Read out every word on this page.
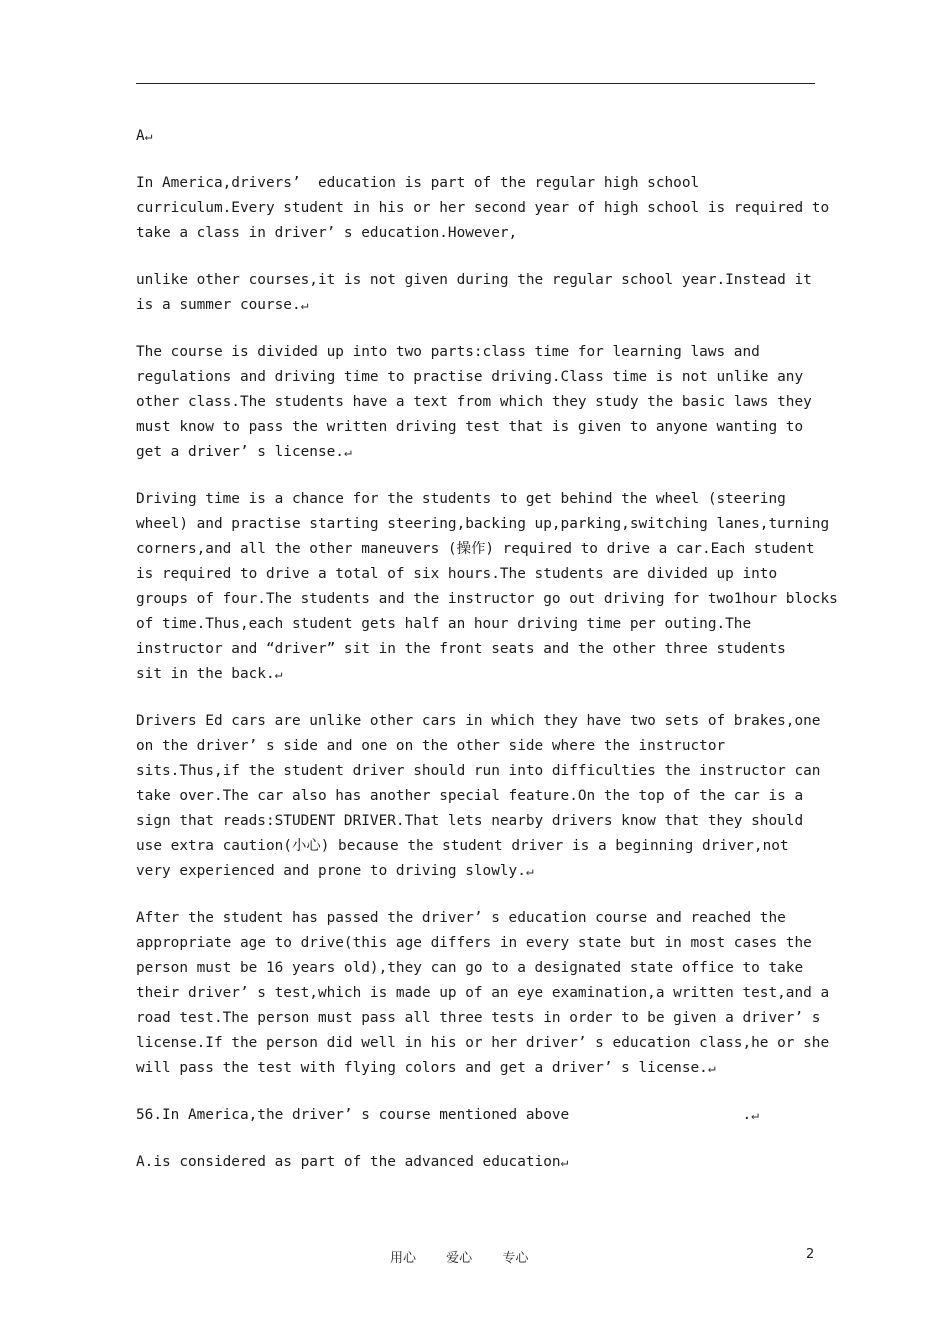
A↵

In America,drivers’  education is part of the regular high school
curriculum.Every student in his or her second year of high school is required to
take a class in driver’ s education.However,

unlike other courses,it is not given during the regular school year.Instead it
is a summer course.↵

The course is divided up into two parts:class time for learning laws and
regulations and driving time to practise driving.Class time is not unlike any
other class.The students have a text from which they study the basic laws they
must know to pass the written driving test that is given to anyone wanting to
get a driver’ s license.↵

Driving time is a chance for the students to get behind the wheel (steering
wheel) and practise starting steering,backing up,parking,switching lanes,turning
corners,and all the other maneuvers (操作) required to drive a car.Each student
is required to drive a total of six hours.The students are divided up into
groups of four.The students and the instructor go out driving for two1hour blocks
of time.Thus,each student gets half an hour driving time per outing.The
instructor and “driver” sit in the front seats and the other three students
sit in the back.↵

Drivers Ed cars are unlike other cars in which they have two sets of brakes,one
on the driver’ s side and one on the other side where the instructor
sits.Thus,if the student driver should run into difficulties the instructor can
take over.The car also has another special feature.On the top of the car is a
sign that reads:STUDENT DRIVER.That lets nearby drivers know that they should
use extra caution(小心) because the student driver is a beginning driver,not
very experienced and prone to driving slowly.↵

After the student has passed the driver’ s education course and reached the
appropriate age to drive(this age differs in every state but in most cases the
person must be 16 years old),they can go to a designated state office to take
their driver’ s test,which is made up of an eye examination,a written test,and a
road test.The person must pass all three tests in order to be given a driver’ s
license.If the person did well in his or her driver’ s education class,he or she
will pass the test with flying colors and get a driver’ s license.↵

56.In America,the driver’ s course mentioned above                    .↵

A.is considered as part of the advanced education↵

用心 爱心 专心	2
